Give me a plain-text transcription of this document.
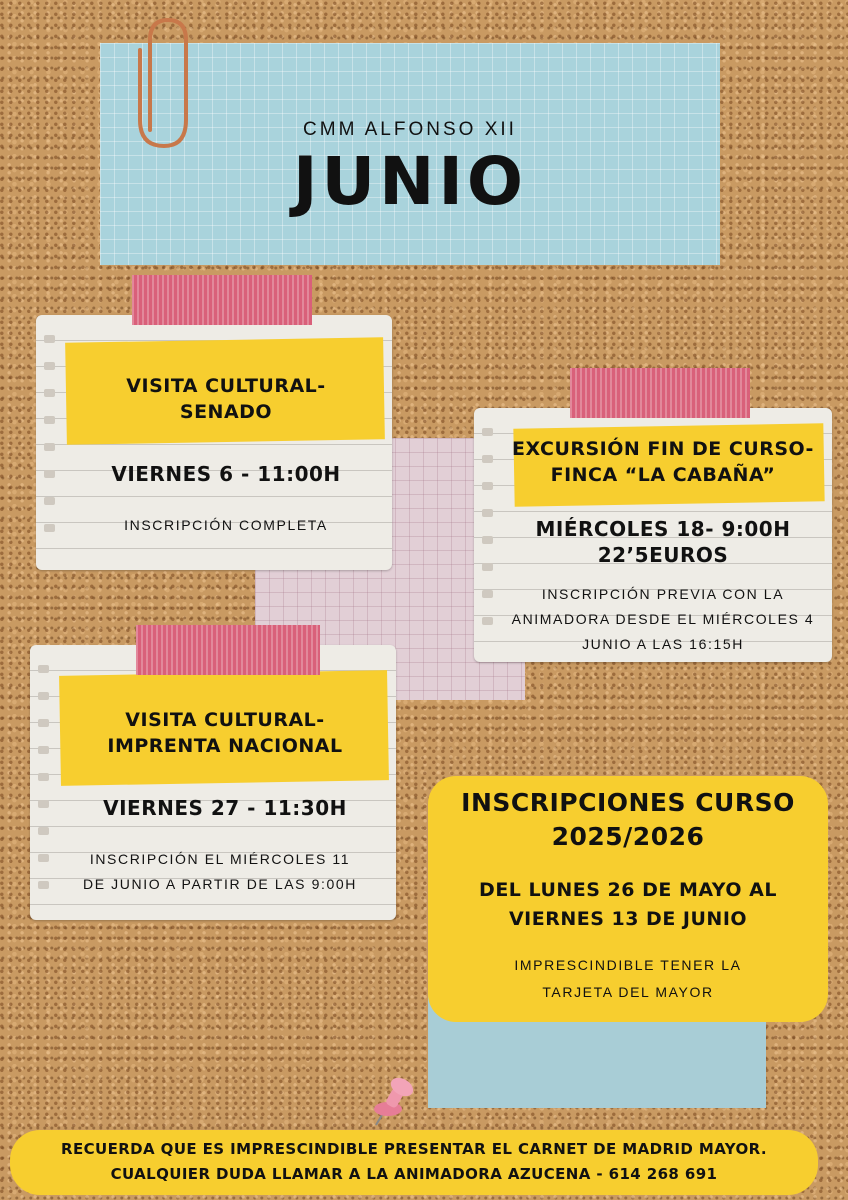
CMM ALFONSO XII
JUNIO
VISITA CULTURAL-
SENADO
VIERNES 6 - 11:00H
INSCRIPCIÓN COMPLETA
EXCURSIÓN FIN DE CURSO-
FINCA “LA CABAÑA”
MIÉRCOLES 18- 9:00H
22’5EUROS
INSCRIPCIÓN PREVIA CON LA
ANIMADORA DESDE EL MIÉRCOLES 4
JUNIO A LAS 16:15H
VISITA CULTURAL-
IMPRENTA NACIONAL
VIERNES 27 - 11:30H
INSCRIPCIÓN EL MIÉRCOLES 11
DE JUNIO A PARTIR DE LAS 9:00H
INSCRIPCIONES CURSO
2025/2026
DEL LUNES 26 DE MAYO AL
VIERNES 13 DE JUNIO
IMPRESCINDIBLE TENER LA
TARJETA DEL MAYOR
RECUERDA QUE ES IMPRESCINDIBLE PRESENTAR EL CARNET DE MADRID MAYOR.
CUALQUIER DUDA LLAMAR A LA ANIMADORA AZUCENA - 614 268 691
